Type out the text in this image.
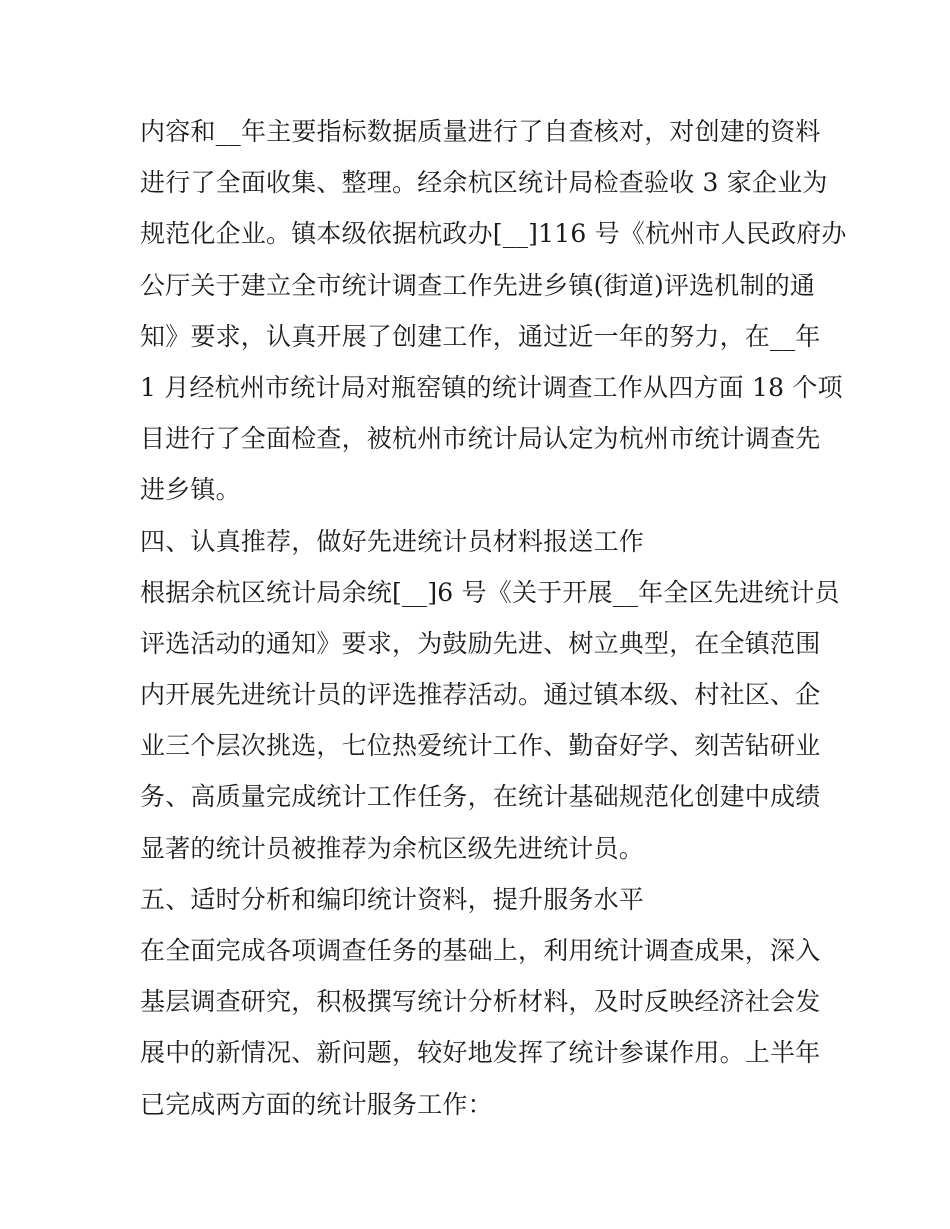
内容和__年主要指标数据质量进行了自查核对，对创建的资料
进行了全面收集、整理。经余杭区统计局检查验收 3 家企业为
规范化企业。镇本级依据杭政办[__]116 号《杭州市人民政府办
公厅关于建立全市统计调查工作先进乡镇(街道)评选机制的通
知》要求，认真开展了创建工作，通过近一年的努力，在__年
1 月经杭州市统计局对瓶窑镇的统计调查工作从四方面 18 个项
目进行了全面检查，被杭州市统计局认定为杭州市统计调查先
进乡镇。
四、认真推荐，做好先进统计员材料报送工作
根据余杭区统计局余统[__]6 号《关于开展__年全区先进统计员
评选活动的通知》要求，为鼓励先进、树立典型，在全镇范围
内开展先进统计员的评选推荐活动。通过镇本级、村社区、企
业三个层次挑选，七位热爱统计工作、勤奋好学、刻苦钻研业
务、高质量完成统计工作任务，在统计基础规范化创建中成绩
显著的统计员被推荐为余杭区级先进统计员。
五、适时分析和编印统计资料，提升服务水平
在全面完成各项调查任务的基础上，利用统计调查成果，深入
基层调查研究，积极撰写统计分析材料，及时反映经济社会发
展中的新情况、新问题，较好地发挥了统计参谋作用。上半年
已完成两方面的统计服务工作：
